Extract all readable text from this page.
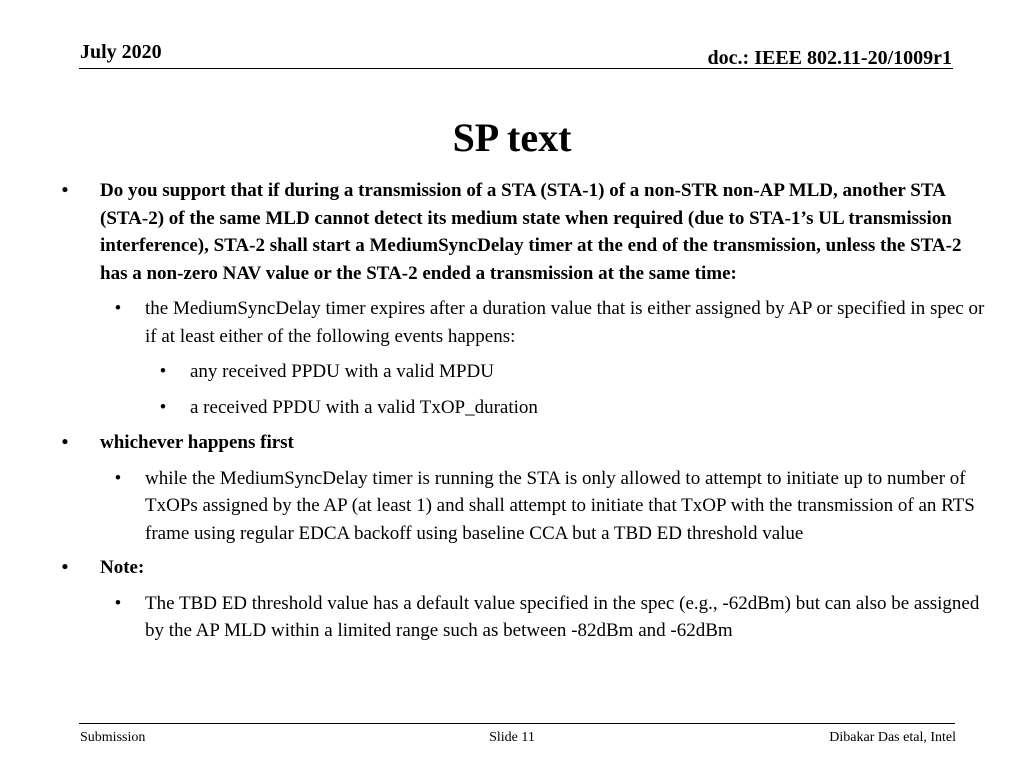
July 2020	doc.: IEEE 802.11-20/1009r1
SP text
• Do you support that if during a transmission of a STA (STA-1) of a non-STR non-AP MLD, another STA (STA-2) of the same MLD cannot detect its medium state when required (due to STA-1’s UL transmission interference), STA-2 shall start a MediumSyncDelay timer at the end of the transmission, unless the STA-2 has a non-zero NAV value or the STA-2 ended a transmission at the same time:
• the MediumSyncDelay timer expires after a duration value that is either assigned by AP or specified in spec or if at least either of the following events happens:
• any received PPDU with a valid MPDU
• a received PPDU with a valid TxOP_duration
• whichever happens first
• while the MediumSyncDelay timer is running the STA is only allowed to attempt to initiate up to number of TxOPs assigned by the AP (at least 1) and shall attempt to initiate that TxOP with the transmission of an RTS frame using regular EDCA backoff using baseline CCA but a TBD ED threshold value
• Note:
• The TBD ED threshold value has a default value specified in the spec (e.g., -62dBm) but can also be assigned by the AP MLD within a limited range such as between -82dBm and -62dBm
Submission	Slide 11	Dibakar Das etal, Intel
